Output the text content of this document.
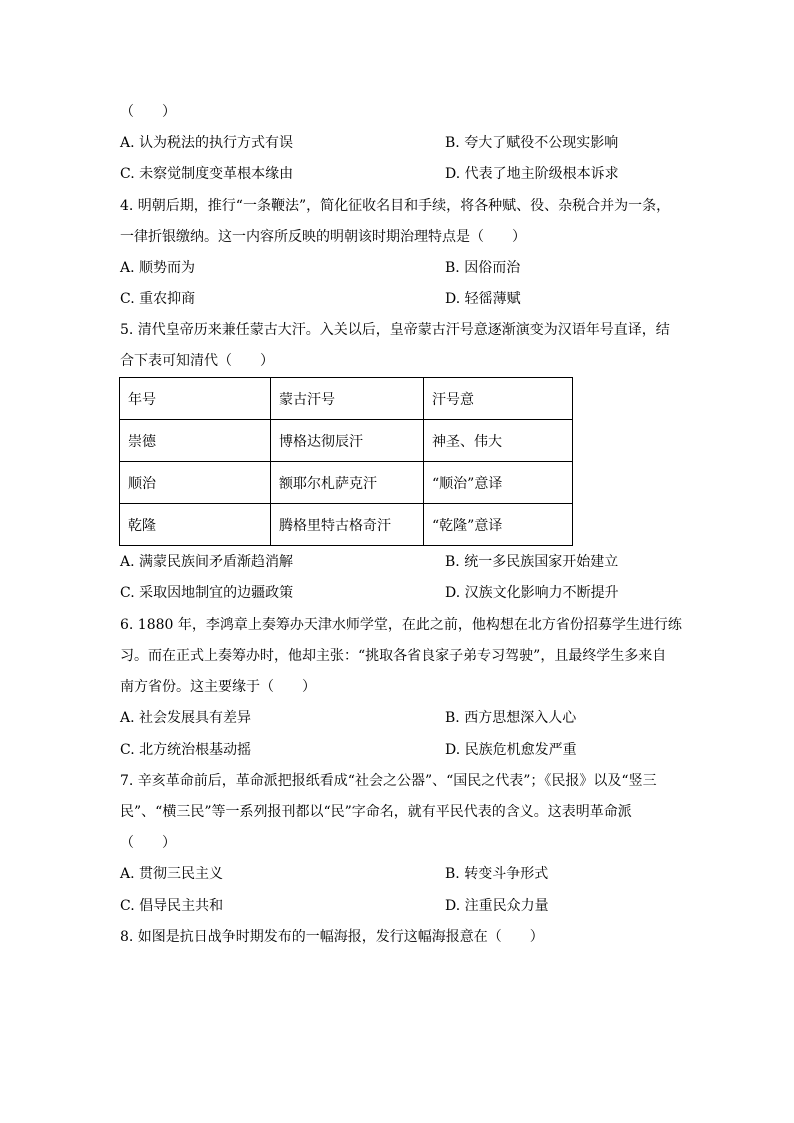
（　　）
A. 认为税法的执行方式有误	B. 夸大了赋役不公现实影响
C. 未察觉制度变革根本缘由	D. 代表了地主阶级根本诉求
4. 明朝后期，推行“一条鞭法”，简化征收名目和手续，将各种赋、役、杂税合并为一条，
一律折银缴纳。这一内容所反映的明朝该时期治理特点是（　　）
A. 顺势而为	B. 因俗而治
C. 重农抑商	D. 轻徭薄赋
5. 清代皇帝历来兼任蒙古大汗。入关以后，皇帝蒙古汗号意逐渐演变为汉语年号直译，结
合下表可知清代（　　）
年号	蒙古汗号	汗号意
崇德	博格达彻辰汗	神圣、伟大
顺治	额耶尔札萨克汗	“顺治”意译
乾隆	腾格里特古格奇汗	“乾隆”意译
A. 满蒙民族间矛盾渐趋消解	B. 统一多民族国家开始建立
C. 采取因地制宜的边疆政策	D. 汉族文化影响力不断提升
6. 1880 年，李鸿章上奏筹办天津水师学堂，在此之前，他构想在北方省份招募学生进行练
习。而在正式上奏筹办时，他却主张：“挑取各省良家子弟专习驾驶”，且最终学生多来自
南方省份。这主要缘于（　　）
A. 社会发展具有差异	B. 西方思想深入人心
C. 北方统治根基动摇	D. 民族危机愈发严重
7. 辛亥革命前后，革命派把报纸看成“社会之公器”、“国民之代表”；《民报》以及“竖三
民”、“横三民”等一系列报刊都以“民”字命名，就有平民代表的含义。这表明革命派
（　　）
A. 贯彻三民主义	B. 转变斗争形式
C. 倡导民主共和	D. 注重民众力量
8. 如图是抗日战争时期发布的一幅海报，发行这幅海报意在（　　）
